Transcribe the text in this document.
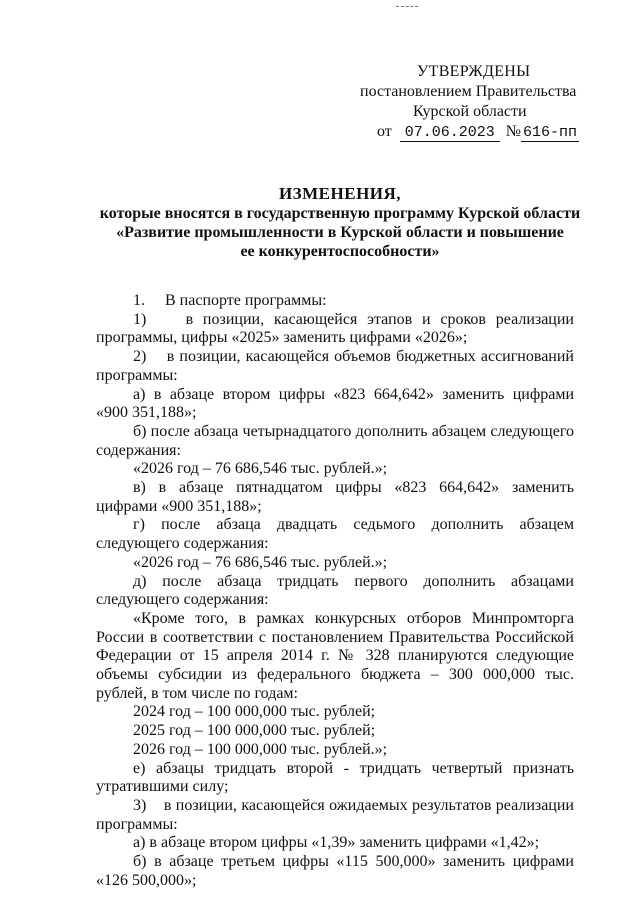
УТВЕРЖДЕНЫ
постановлением Правительства
Курской области
от 07.06.2023 № 616-пп
ИЗМЕНЕНИЯ,
которые вносятся в государственную программу Курской области
«Развитие промышленности в Курской области и повышение
ее конкурентоспособности»

1.     В паспорте программы:

1)    в позиции, касающейся этапов и сроков реализации программы, цифры «2025» заменить цифрами «2026»;

2)    в позиции, касающейся объемов бюджетных ассигнований программы:

а) в абзаце втором цифры «823 664,642» заменить цифрами «900 351,188»;

б) после абзаца четырнадцатого дополнить абзацем следующего содержания:

«2026 год – 76 686,546 тыс. рублей.»;

в) в абзаце пятнадцатом цифры «823 664,642» заменить цифрами «900 351,188»;

г) после абзаца двадцать седьмого дополнить абзацем следующего содержания:

«2026 год – 76 686,546 тыс. рублей.»;

д) после абзаца тридцать первого дополнить абзацами следующего содержания:

«Кроме того, в рамках конкурсных отборов Минпромторга России в соответствии с постановлением Правительства Российской Федерации от 15 апреля 2014 г. № 328 планируются следующие объемы субсидии из федерального бюджета – 300 000,000 тыс. рублей, в том числе по годам:

2024 год – 100 000,000 тыс. рублей;

2025 год – 100 000,000 тыс. рублей;

2026 год – 100 000,000 тыс. рублей.»;

е) абзацы тридцать второй - тридцать четвертый признать утратившими силу;

3)    в позиции, касающейся ожидаемых результатов реализации программы:

а) в абзаце втором цифры «1,39» заменить цифрами «1,42»;

б) в абзаце третьем цифры «115 500,000» заменить цифрами «126 500,000»;
